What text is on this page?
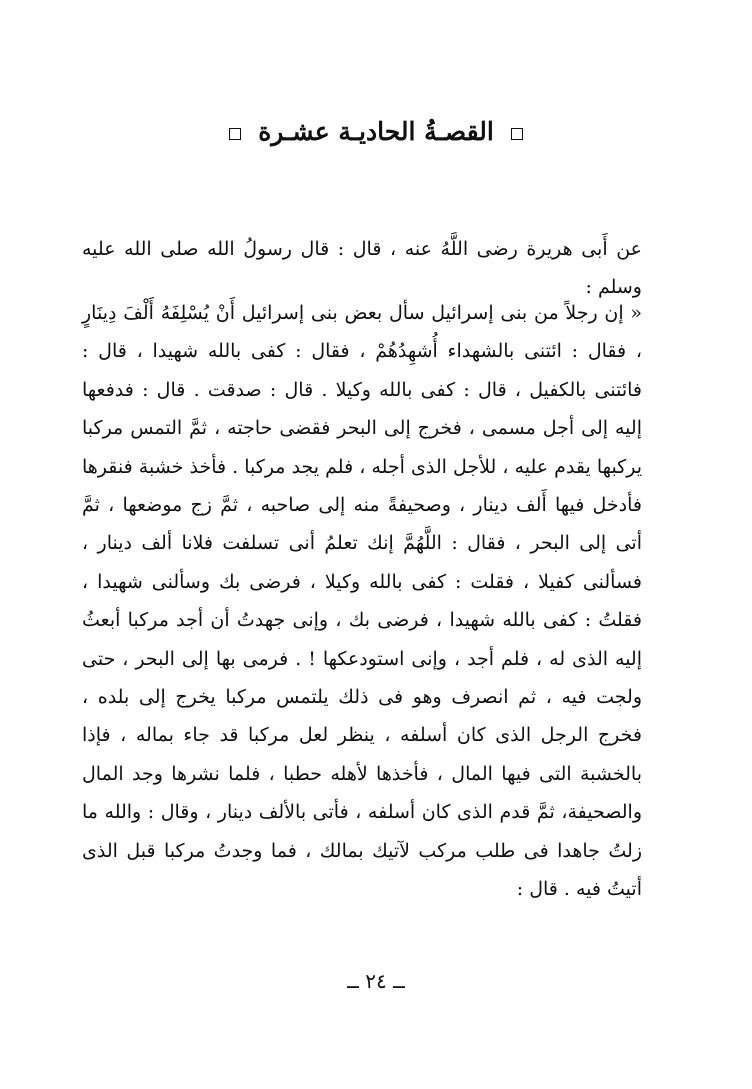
القصـةُ الحاديـة عشـرة
عن أَبى هريرة رضى اللَّهُ عنه ، قال : قال رسولُ الله صلى الله عليه وسلم :
« إن رجلاً من بنى إسرائيل سأل بعض بنى إسرائيل أَنْ يُسْلِفَهُ أَلْفَ دِينَارٍ ، فقال : ائتنى بالشهداء أُشهِدُهُمْ ، فقال : كفى بالله شهيدا ، قال : فائتنى بالكفيل ، قال : كفى بالله وكيلا . قال : صدقت . قال : فدفعها إليه إلى أجل مسمى ، فخرج إلى البحر فقضى حاجته ، ثمَّ التمس مركبا يركبها يقدم عليه ، للأجل الذى أجله ، فلم يجد مركبا . فأخذ خشبة فنقرها فأدخل فيها أَلف دينار ، وصحيفةً منه إلى صاحبه ، ثمَّ زج موضعها ، ثمَّ أتى إلى البحر ، فقال : اللَّهُمَّ إنك تعلمُ أنى تسلفت فلانا ألف دينار ، فسألنى كفيلا ، فقلت : كفى بالله وكيلا ، فرضى بك وسألنى شهيدا ، فقلتُ : كفى بالله شهيدا ، فرضى بك ، وإنى جهدتُ أن أجد مركبا أبعثُ إليه الذى له ، فلم أجد ، وإنى استودعكها ! . فرمى بها إلى البحر ، حتى ولجت فيه ، ثم انصرف وهو فى ذلك يلتمس مركبا يخرج إلى بلده ، فخرج الرجل الذى كان أسلفه ، ينظر لعل مركبا قد جاء بماله ، فإذا بالخشبة التى فيها المال ، فأخذها لأهله حطبا ، فلما نشرها وجد المال والصحيفة، ثمَّ قدم الذى كان أسلفه ، فأتى بالألف دينار ، وقال : والله ما زلتُ جاهدا فى طلب مركب لآتيك بمالك ، فما وجدتُ مركبا قبل الذى أتيتُ فيه . قال :
ــ ٢٤ ــ
